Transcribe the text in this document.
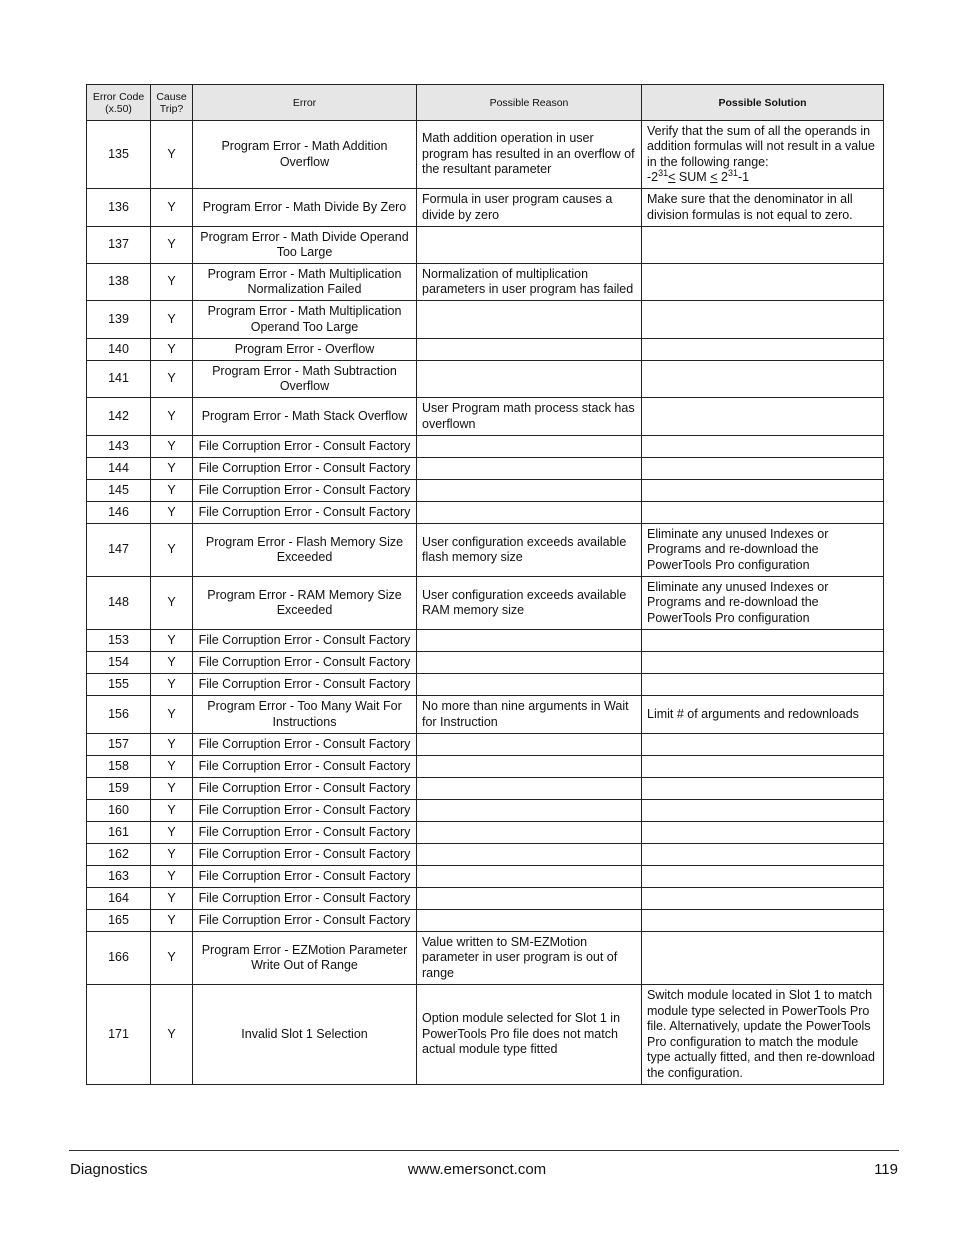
Error Code (x.50)	Cause Trip?	Error	Possible Reason	Possible Solution
135	Y	Program Error - Math Addition Overflow	Math addition operation in user program has resulted in an overflow of the resultant parameter	Verify that the sum of all the operands in addition formulas will not result in a value in the following range:
$-2^{31}<$ SUM < $2^{31}-1$

136	Y	Program Error - Math Divide By Zero	Formula in user program causes a divide by zero	Make sure that the denominator in all division formulas is not equal to zero.
137	Y	Program Error - Math Divide Operand Too Large		
138	Y	Program Error - Math Multiplication Normalization Failed	Normalization of multiplication parameters in user program has failed	
139	Y	Program Error - Math Multiplication Operand Too Large		
140	Y	Program Error - Overflow		
141	Y	Program Error - Math Subtraction Overflow		
142	Y	Program Error - Math Stack Overflow	User Program math process stack has overflown	
143	Y	File Corruption Error - Consult Factory		
144	Y	File Corruption Error - Consult Factory		
145	Y	File Corruption Error - Consult Factory		
146	Y	File Corruption Error - Consult Factory		
147	Y	Program Error - Flash Memory Size Exceeded	User configuration exceeds available flash memory size	Eliminate any unused Indexes or Programs and re-download the PowerTools Pro configuration
148	Y	Program Error - RAM Memory Size Exceeded	User configuration exceeds available RAM memory size	Eliminate any unused Indexes or Programs and re-download the PowerTools Pro configuration
153	Y	File Corruption Error - Consult Factory		
154	Y	File Corruption Error - Consult Factory		
155	Y	File Corruption Error - Consult Factory		
156	Y	Program Error - Too Many Wait For Instructions	No more than nine arguments in Wait for Instruction	Limit # of arguments and redownloads
157	Y	File Corruption Error - Consult Factory		
158	Y	File Corruption Error - Consult Factory		
159	Y	File Corruption Error - Consult Factory		
160	Y	File Corruption Error - Consult Factory		
161	Y	File Corruption Error - Consult Factory		
162	Y	File Corruption Error - Consult Factory		
163	Y	File Corruption Error - Consult Factory		
164	Y	File Corruption Error - Consult Factory		
165	Y	File Corruption Error - Consult Factory		
166	Y	Program Error - EZMotion Parameter Write Out of Range	Value written to SM-EZMotion parameter in user program is out of range	
171	Y	Invalid Slot 1 Selection	Option module selected for Slot 1 in PowerTools Pro file does not match actual module type fitted	Switch module located in Slot 1 to match module type selected in PowerTools Pro file. Alternatively, update the PowerTools Pro configuration to match the module type actually fitted, and then re-download the configuration.
Diagnostics	www.emersonct.com	119
